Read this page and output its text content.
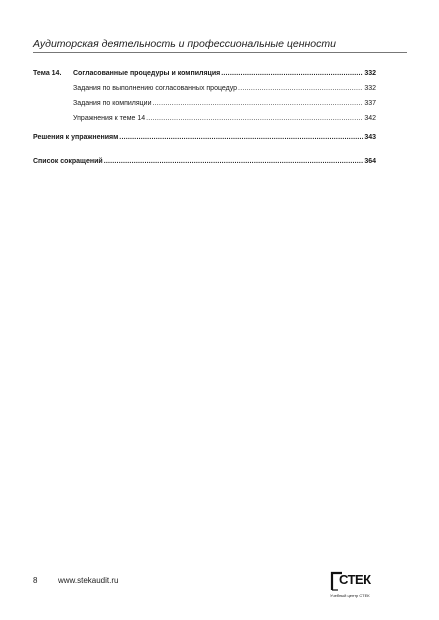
Аудиторская деятельность и профессиональные ценности
Тема 14.	Согласованные процедуры и компиляция .....	332
Задания по выполнению согласованных процедур .....	332
Задания по компиляции .....	337
Упражнения к теме 14 .....	342
Решения к упражнениям .....	343
Список сокращений .....	364
8	www.stekaudit.ru	СТЕК
Учебный центр СТЕК
